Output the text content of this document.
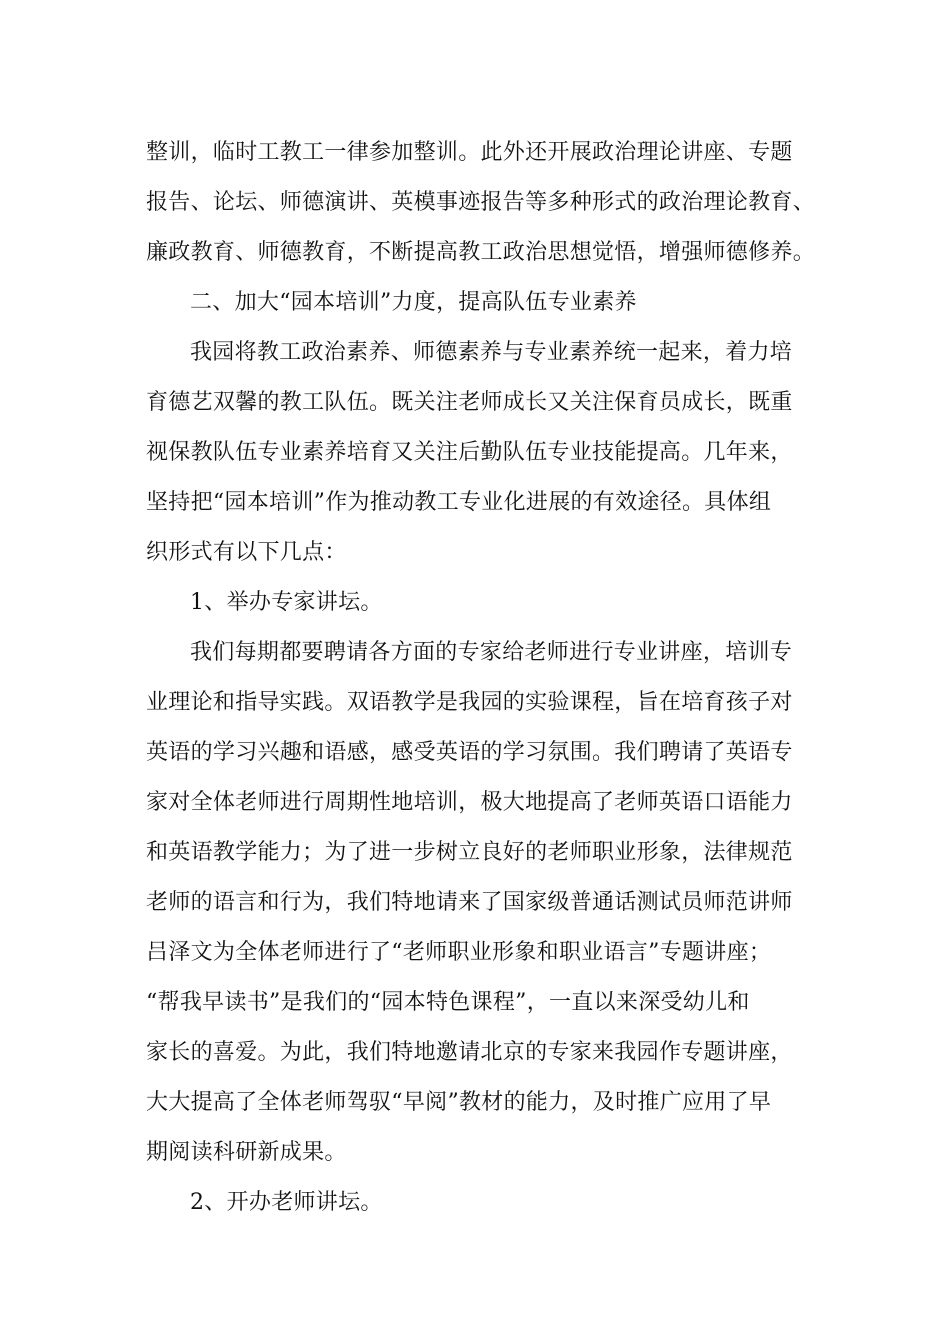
整训，临时工教工一律参加整训。此外还开展政治理论讲座、专题
报告、论坛、师德演讲、英模事迹报告等多种形式的政治理论教育、
廉政教育、师德教育，不断提高教工政治思想觉悟，增强师德修养。
二、加大“园本培训”力度，提高队伍专业素养
我园将教工政治素养、师德素养与专业素养统一起来，着力培
育德艺双馨的教工队伍。既关注老师成长又关注保育员成长，既重
视保教队伍专业素养培育又关注后勤队伍专业技能提高。几年来，
坚持把“园本培训”作为推动教工专业化进展的有效途径。具体组
织形式有以下几点：
1、举办专家讲坛。
我们每期都要聘请各方面的专家给老师进行专业讲座，培训专
业理论和指导实践。双语教学是我园的实验课程，旨在培育孩子对
英语的学习兴趣和语感，感受英语的学习氛围。我们聘请了英语专
家对全体老师进行周期性地培训，极大地提高了老师英语口语能力
和英语教学能力；为了进一步树立良好的老师职业形象，法律规范
老师的语言和行为，我们特地请来了国家级普通话测试员师范讲师
吕泽文为全体老师进行了“老师职业形象和职业语言”专题讲座；
“帮我早读书”是我们的“园本特色课程”，一直以来深受幼儿和
家长的喜爱。为此，我们特地邀请北京的专家来我园作专题讲座，
大大提高了全体老师驾驭“早阅”教材的能力，及时推广应用了早
期阅读科研新成果。
2、开办老师讲坛。
